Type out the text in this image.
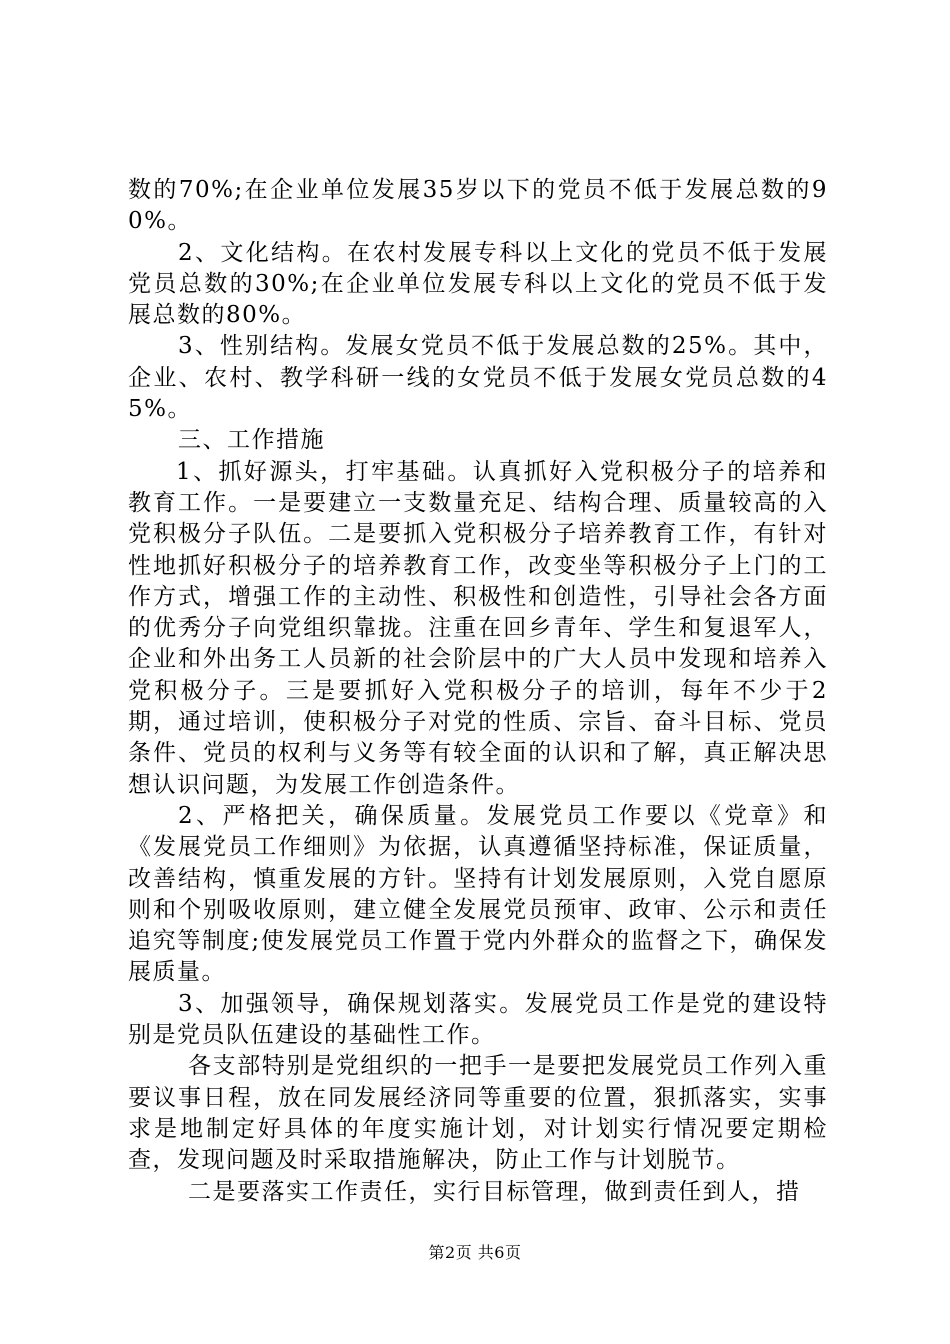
数的70%;在企业单位发展35岁以下的党员不低于发展总数的90%。

2、文化结构。在农村发展专科以上文化的党员不低于发展党员总数的30%;在企业单位发展专科以上文化的党员不低于发展总数的80%。

3、性别结构。发展女党员不低于发展总数的25%。其中，企业、农村、教学科研一线的女党员不低于发展女党员总数的45%。

三、工作措施

1、抓好源头，打牢基础。认真抓好入党积极分子的培养和教育工作。一是要建立一支数量充足、结构合理、质量较高的入党积极分子队伍。二是要抓入党积极分子培养教育工作，有针对性地抓好积极分子的培养教育工作，改变坐等积极分子上门的工作方式，增强工作的主动性、积极性和创造性，引导社会各方面的优秀分子向党组织靠拢。注重在回乡青年、学生和复退军人，企业和外出务工人员新的社会阶层中的广大人员中发现和培养入党积极分子。三是要抓好入党积极分子的培训，每年不少于2期，通过培训，使积极分子对党的性质、宗旨、奋斗目标、党员条件、党员的权利与义务等有较全面的认识和了解，真正解决思想认识问题，为发展工作创造条件。

2、严格把关，确保质量。发展党员工作要以《党章》和《发展党员工作细则》为依据，认真遵循坚持标准，保证质量，改善结构，慎重发展的方针。坚持有计划发展原则，入党自愿原则和个别吸收原则，建立健全发展党员预审、政审、公示和责任追究等制度;使发展党员工作置于党内外群众的监督之下，确保发展质量。

3、加强领导，确保规划落实。发展党员工作是党的建设特别是党员队伍建设的基础性工作。

各支部特别是党组织的一把手一是要把发展党员工作列入重要议事日程，放在同发展经济同等重要的位置，狠抓落实，实事求是地制定好具体的年度实施计划，对计划实行情况要定期检查，发现问题及时采取措施解决，防止工作与计划脱节。

二是要落实工作责任，实行目标管理，做到责任到人，措

第2页 共6页
